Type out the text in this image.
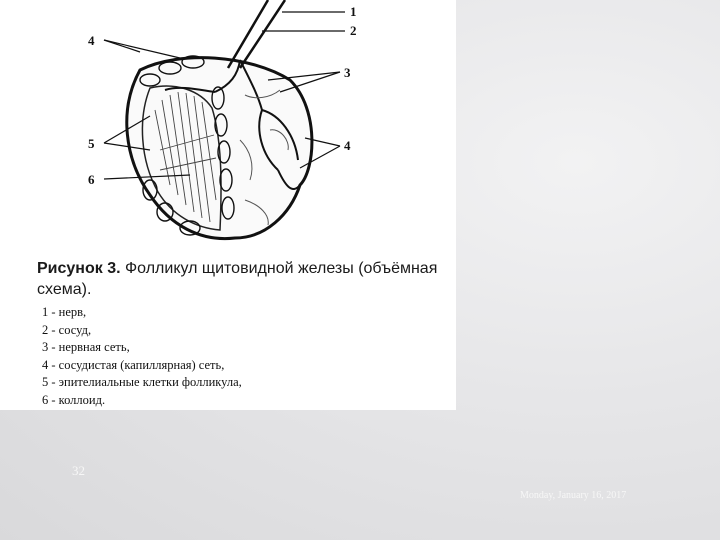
1
2
3
4
4
5
6
Рисунок 3. Фолликул щитовидной железы (объёмная схема).
1 - нерв,
2 - сосуд,
3 - нервная сеть,
4 - сосудистая (капиллярная) сеть,
5 - эпителиальные клетки фолликула,
6 - коллоид.
32
Monday, January 16, 2017
